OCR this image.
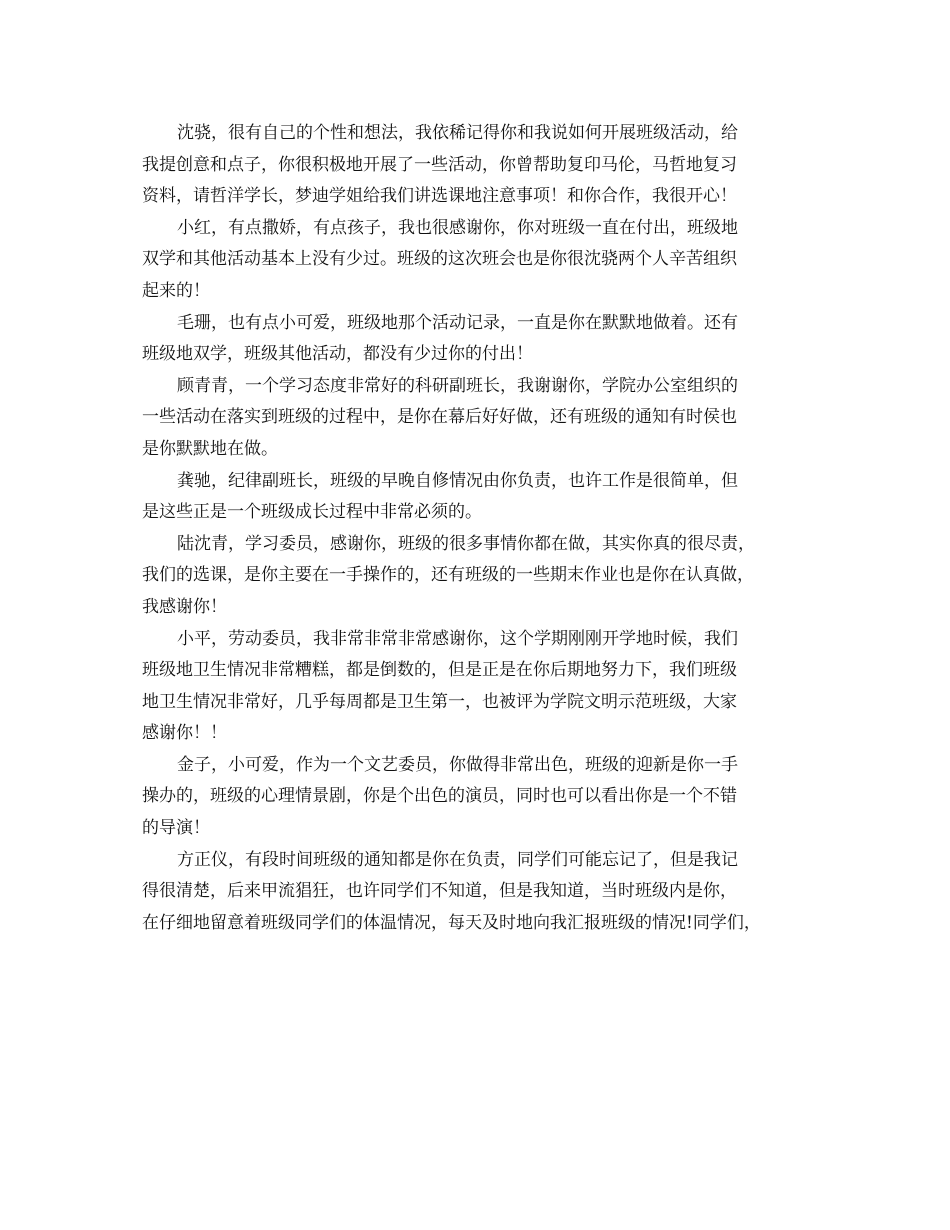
沈骁，很有自己的个性和想法，我依稀记得你和我说如何开展班级活动，给
我提创意和点子，你很积极地开展了一些活动，你曾帮助复印马伦，马哲地复习
资料，请哲洋学长，梦迪学姐给我们讲选课地注意事项！和你合作，我很开心！
小红，有点撒娇，有点孩子，我也很感谢你，你对班级一直在付出，班级地
双学和其他活动基本上没有少过。班级的这次班会也是你很沈骁两个人辛苦组织
起来的！
毛珊，也有点小可爱，班级地那个活动记录，一直是你在默默地做着。还有
班级地双学，班级其他活动，都没有少过你的付出！
顾青青，一个学习态度非常好的科研副班长，我谢谢你，学院办公室组织的
一些活动在落实到班级的过程中，是你在幕后好好做，还有班级的通知有时侯也
是你默默地在做。
龚驰，纪律副班长，班级的早晚自修情况由你负责，也许工作是很简单，但
是这些正是一个班级成长过程中非常必须的。
陆沈青，学习委员，感谢你，班级的很多事情你都在做，其实你真的很尽责，
我们的选课，是你主要在一手操作的，还有班级的一些期末作业也是你在认真做，
我感谢你！
小平，劳动委员，我非常非常非常感谢你，这个学期刚刚开学地时候，我们
班级地卫生情况非常糟糕，都是倒数的，但是正是在你后期地努力下，我们班级
地卫生情况非常好，几乎每周都是卫生第一，也被评为学院文明示范班级，大家
感谢你！！
金子，小可爱，作为一个文艺委员，你做得非常出色，班级的迎新是你一手
操办的，班级的心理情景剧，你是个出色的演员，同时也可以看出你是一个不错
的导演！
方正仪，有段时间班级的通知都是你在负责，同学们可能忘记了，但是我记
得很清楚，后来甲流猖狂，也许同学们不知道，但是我知道，当时班级内是你，
在仔细地留意着班级同学们的体温情况，每天及时地向我汇报班级的情况!同学们，
